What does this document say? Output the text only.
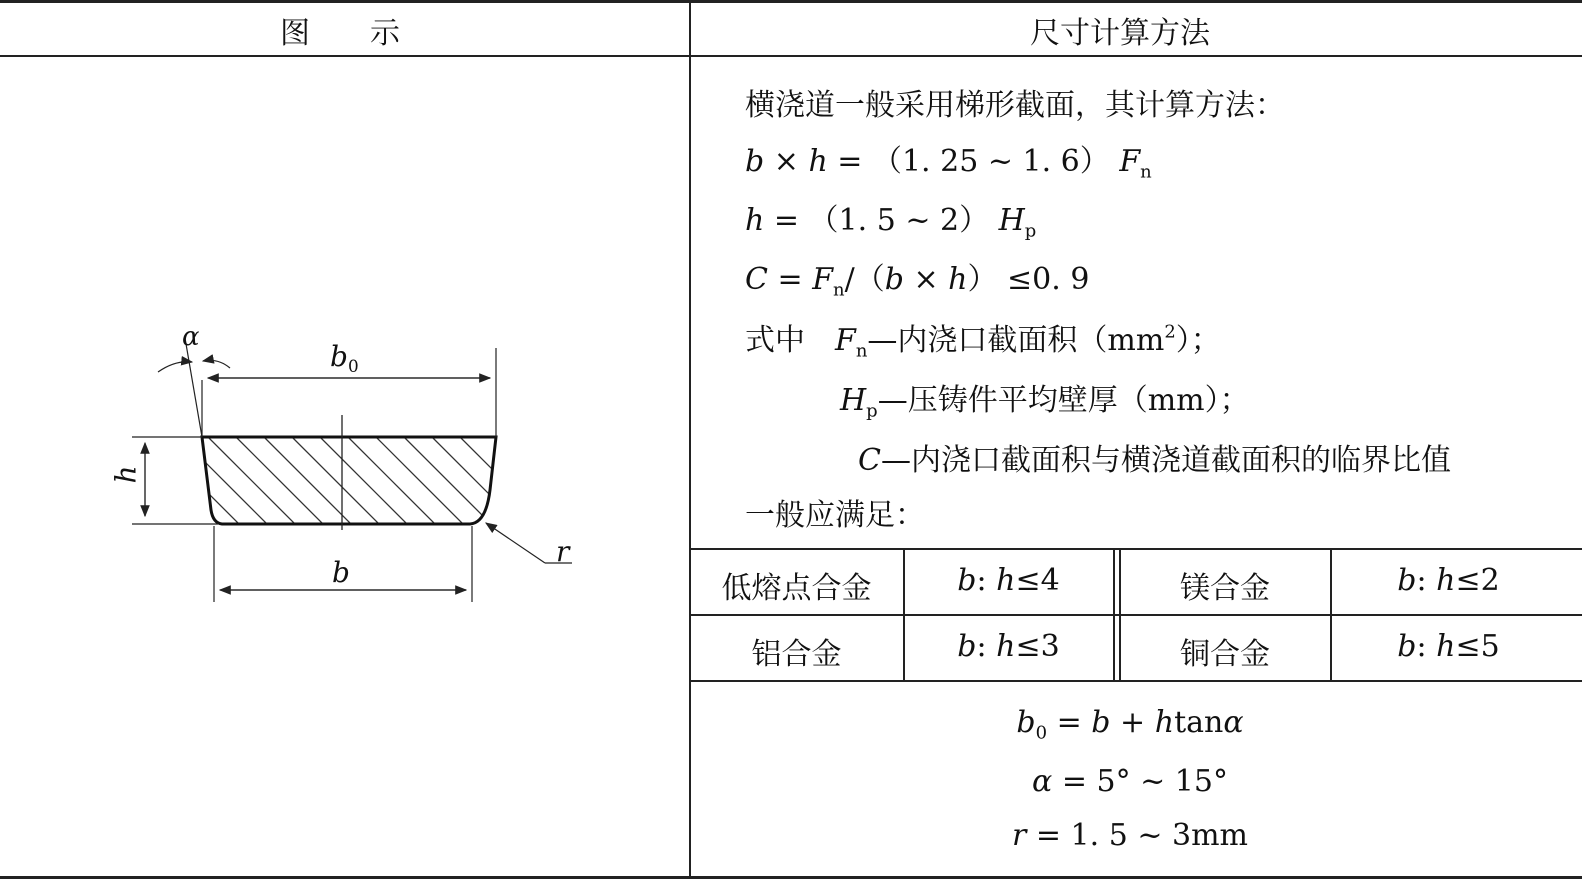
图　　示	尺寸计算方法
α
$b_0$
h
b
r
横浇道一般采用梯形截面，其计算方法：
b × h = （1. 25 ~ 1. 6） $F_n$
h = （1. 5 ~ 2） $H_p$
$C = F_n/(b \times h) \le 0$. 9
式中　$F_n—$内浇口截面积$(mm^2)$；
$H_p—$压铸件平均壁厚（mm）；
C—内浇口截面积与横浇道截面积的临界比值
一般应满足：
低熔点合金	b: h≤4	镁合金	b: h≤2
铝合金	b: h≤3	铜合金	b: h≤5
$b_0 = b + htan\alpha$
α = 5° ~ 15°
r = 1. 5 ~ 3mm
